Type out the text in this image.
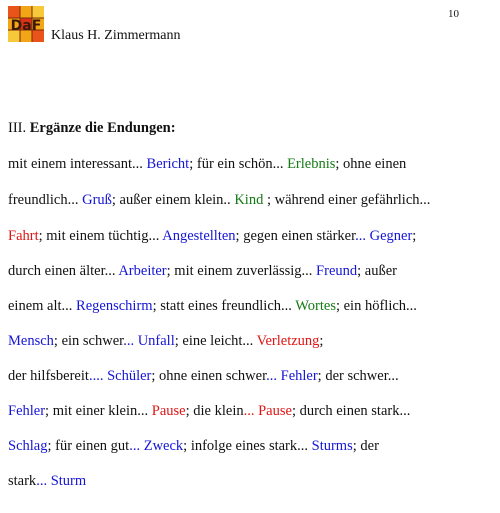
DaF
Klaus H. Zimmermann
10
III. Ergänze die Endungen:
mit einem interessant... Bericht; für ein schön... Erlebnis; ohne einen
freundlich... Gruß; außer einem klein.. Kind ; während einer gefährlich...
Fahrt; mit einem tüchtig... Angestellten; gegen einen stärker... Gegner;
durch einen älter... Arbeiter; mit einem zuverlässig... Freund; außer
einem alt... Regenschirm; statt eines freundlich... Wortes; ein höflich...
Mensch; ein schwer... Unfall; eine leicht... Verletzung;
der hilfsbereit.... Schüler; ohne einen schwer... Fehler; der schwer...
Fehler; mit einer klein... Pause; die klein... Pause; durch einen stark...
Schlag; für einen gut... Zweck; infolge eines stark... Sturms; der
stark... Sturm
